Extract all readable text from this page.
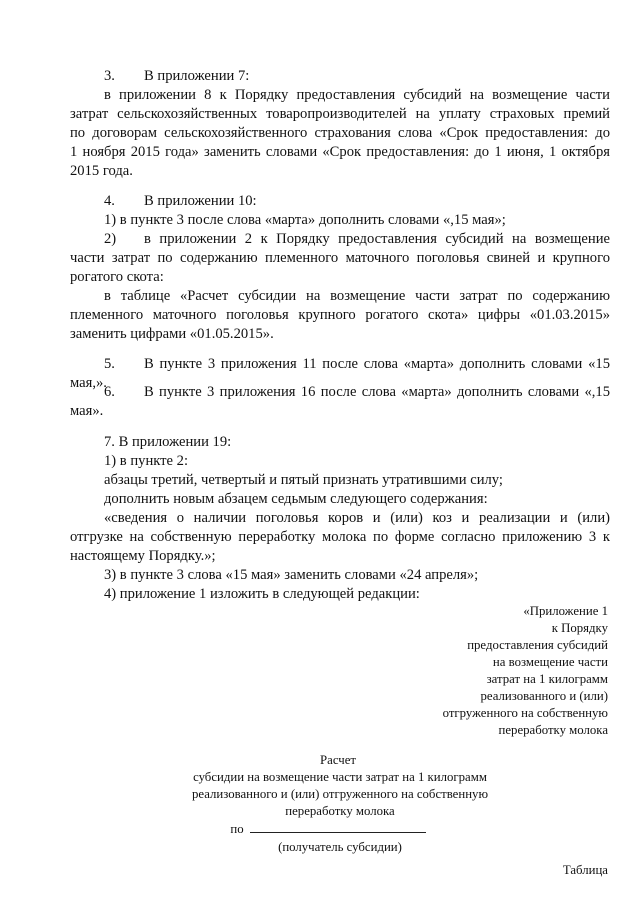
3. В приложении 7:
в приложении 8 к Порядку предоставления субсидий на возмещение части
затрат сельскохозяйственных товаропроизводителей на уплату страховых премий
по договорам сельскохозяйственного страхования слова «Срок предоставления: до
1 ноября 2015 года» заменить словами «Срок предоставления: до 1 июня, 1 октября
2015 года.
4. В приложении 10:
1) в пункте 3 после слова «марта» дополнить словами «,15 мая»;
2) в приложении 2 к Порядку предоставления субсидий на возмещение
части затрат по содержанию племенного маточного поголовья свиней и крупного
рогатого скота:
в таблице «Расчет субсидии на возмещение части затрат по содержанию
племенного маточного поголовья крупного рогатого скота» цифры «01.03.2015»
заменить цифрами «01.05.2015».
5. В пункте 3 приложения 11 после слова «марта» дополнить словами «15
мая,».
6. В пункте 3 приложения 16 после слова «марта» дополнить словами «,15
мая».
7. В приложении 19:
1) в пункте 2:
абзацы третий, четвертый и пятый признать утратившими силу;
дополнить новым абзацем седьмым следующего содержания:
«сведения о наличии поголовья коров и (или) коз и реализации и (или)
отгрузке на собственную переработку молока по форме согласно приложению 3 к
настоящему Порядку.»;
3) в пункте 3 слова «15 мая» заменить словами «24 апреля»;
4) приложение 1 изложить в следующей редакции:
«Приложение 1
к Порядку
предоставления субсидий
на возмещение части
затрат на 1 килограмм
реализованного и (или)
отгруженного на собственную
переработку молока
Расчет
субсидии на возмещение части затрат на 1 килограмм
реализованного и (или) отгруженного на собственную
переработку молока
по
(получатель субсидии)
Таблица
